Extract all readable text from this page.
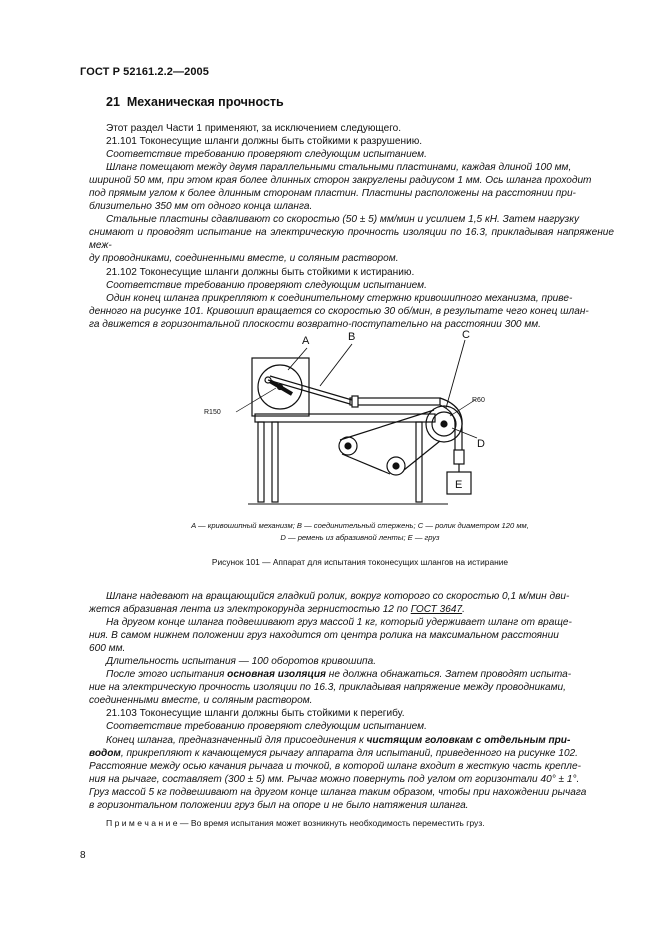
ГОСТ Р 52161.2.2—2005
21 Механическая прочность
Этот раздел Части 1 применяют, за исключением следующего.
21.101 Токонесущие шланги должны быть стойкими к разрушению.
Соответствие требованию проверяют следующим испытанием.
Шланг помещают между двумя параллельными стальными пластинами, каждая длиной 100 мм,
шириной 50 мм, при этом края более длинных сторон закруглены радиусом 1 мм. Ось шланга проходит
под прямым углом к более длинным сторонам пластин. Пластины расположены на расстоянии при-
близительно 350 мм от одного конца шланга.
Стальные пластины сдавливают со скоростью (50 ± 5) мм/мин и усилием 1,5 кН. Затем нагрузку
снимают и проводят испытание на электрическую прочность изоляции по 16.3, прикладывая напряжение меж-
ду проводниками, соединенными вместе, и соляным раствором.
21.102 Токонесущие шланги должны быть стойкими к истиранию.
Соответствие требованию проверяют следующим испытанием.
Один конец шланга прикрепляют к соединительному стержню кривошипного механизма, приве-
денного на рисунке 101. Кривошип вращается со скоростью 30 об/мин, в результате чего конец шлан-
га движется в горизонтальной плоскости возвратно-поступательно на расстоянии 300 мм.
A	B	C
D
E
R150
R60
A — кривошипный механизм; B — соединительный стержень; C — ролик диаметром 120 мм,
D — ремень из абразивной ленты; E — груз
Рисунок 101 — Аппарат для испытания токонесущих шлангов на истирание
Шланг надевают на вращающийся гладкий ролик, вокруг которого со скоростью 0,1 м/мин дви-
жется абразивная лента из электрокорунда зернистостью 12 по ГОСТ 3647.
На другом конце шланга подвешивают груз массой 1 кг, который удерживает шланг от враще-
ния. В самом нижнем положении груз находится от центра ролика на максимальном расстоянии
600 мм.
Длительность испытания — 100 оборотов кривошипа.
После этого испытания основная изоляция не должна обнажаться. Затем проводят испыта-
ние на электрическую прочность изоляции по 16.3, прикладывая напряжение между проводниками,
соединенными вместе, и соляным раствором.
21.103 Токонесущие шланги должны быть стойкими к перегибу.
Соответствие требованию проверяют следующим испытанием.
Конец шланга, предназначенный для присоединения к чистящим головкам с отдельным при-
водом, прикрепляют к качающемуся рычагу аппарата для испытаний, приведенного на рисунке 102.
Расстояние между осью качания рычага и точкой, в которой шланг входит в жесткую часть крепле-
ния на рычаге, составляет (300 ± 5) мм. Рычаг можно повернуть под углом от горизонтали 40° ± 1°.
Груз массой 5 кг подвешивают на другом конце шланга таким образом, чтобы при нахождении рычага
в горизонтальном положении груз был на опоре и не было натяжения шланга.
П р и м е ч а н и е — Во время испытания может возникнуть необходимость переместить груз.
8
